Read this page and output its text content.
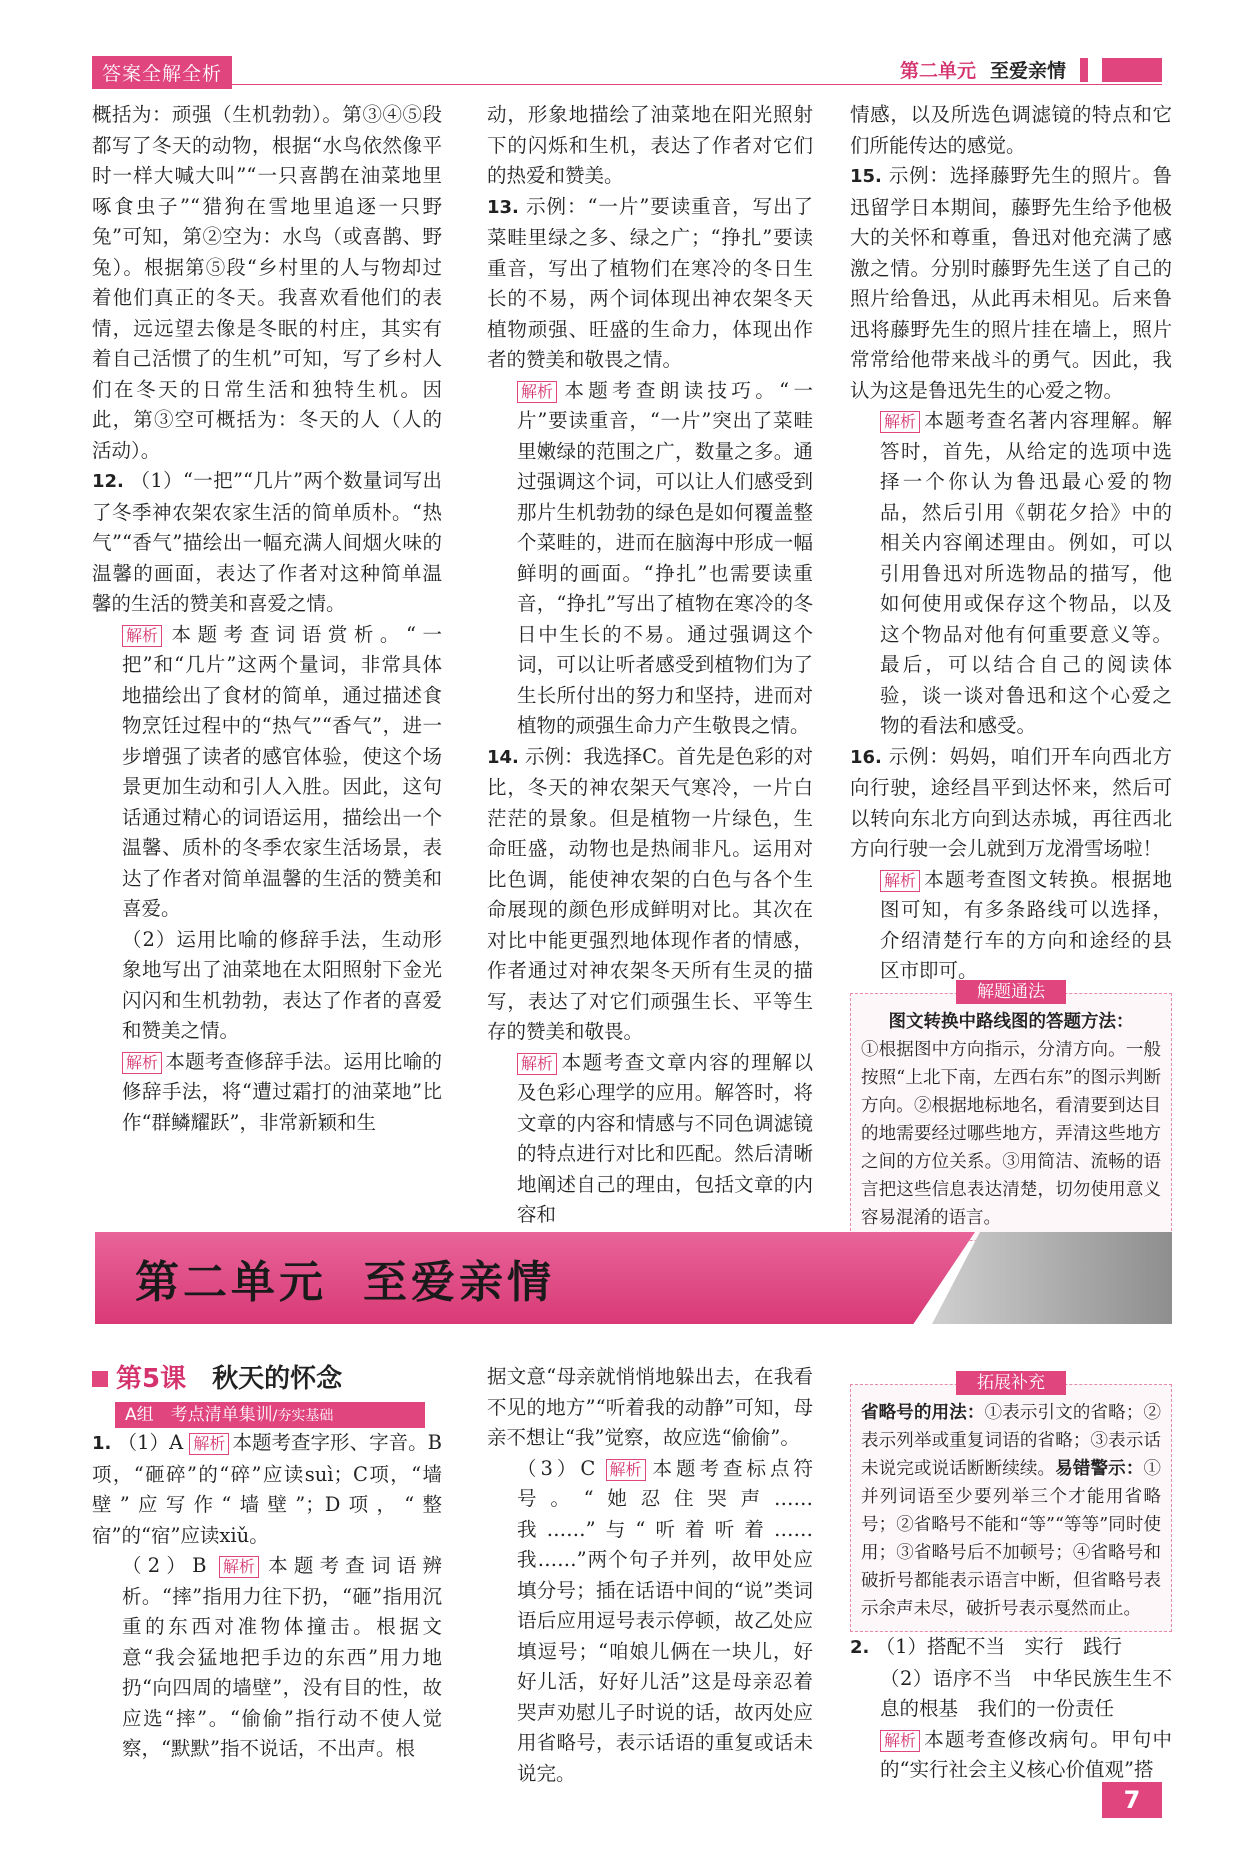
答案全解全析	第二单元 至爱亲情

概括为：顽强（生机勃勃）。第③④⑤段都写了冬天的动物，根据“水鸟依然像平时一样大喊大叫”“一只喜鹊在油菜地里啄食虫子”“猎狗在雪地里追逐一只野兔”可知，第②空为：水鸟（或喜鹊、野兔）。根据第⑤段“乡村里的人与物却过着他们真正的冬天。我喜欢看他们的表情，远远望去像是冬眠的村庄，其实有着自己活惯了的生机”可知，写了乡村人们在冬天的日常生活和独特生机。因此，第③空可概括为：冬天的人（人的活动）。

12. （1）“一把”“几片”两个数量词写出了冬季神农架农家生活的简单质朴。“热气”“香气”描绘出一幅充满人间烟火味的温馨的画面，表达了作者对这种简单温馨的生活的赞美和喜爱之情。

解析 本题考查词语赏析。“一把”和“几片”这两个量词，非常具体地描绘出了食材的简单，通过描述食物烹饪过程中的“热气”“香气”，进一步增强了读者的感官体验，使这个场景更加生动和引人入胜。因此，这句话通过精心的词语运用，描绘出一个温馨、质朴的冬季农家生活场景，表达了作者对简单温馨的生活的赞美和喜爱。

（2）运用比喻的修辞手法，生动形象地写出了油菜地在太阳照射下金光闪闪和生机勃勃，表达了作者的喜爱和赞美之情。

解析 本题考查修辞手法。运用比喻的修辞手法，将“遭过霜打的油菜地”比作“群鳞耀跃”，非常新颖和生

动，形象地描绘了油菜地在阳光照射下的闪烁和生机，表达了作者对它们的热爱和赞美。

13. 示例：“一片”要读重音，写出了菜畦里绿之多、绿之广；“挣扎”要读重音，写出了植物们在寒冷的冬日生长的不易，两个词体现出神农架冬天植物顽强、旺盛的生命力，体现出作者的赞美和敬畏之情。

解析 本题考查朗读技巧。“一片”要读重音，“一片”突出了菜畦里嫩绿的范围之广，数量之多。通过强调这个词，可以让人们感受到那片生机勃勃的绿色是如何覆盖整个菜畦的，进而在脑海中形成一幅鲜明的画面。“挣扎”也需要读重音，“挣扎”写出了植物在寒冷的冬日中生长的不易。通过强调这个词，可以让听者感受到植物们为了生长所付出的努力和坚持，进而对植物的顽强生命力产生敬畏之情。

14. 示例：我选择C。首先是色彩的对比，冬天的神农架天气寒冷，一片白茫茫的景象。但是植物一片绿色，生命旺盛，动物也是热闹非凡。运用对比色调，能使神农架的白色与各个生命展现的颜色形成鲜明对比。其次在对比中能更强烈地体现作者的情感，作者通过对神农架冬天所有生灵的描写，表达了对它们顽强生长、平等生存的赞美和敬畏。

解析 本题考查文章内容的理解以及色彩心理学的应用。解答时，将文章的内容和情感与不同色调滤镜的特点进行对比和匹配。然后清晰地阐述自己的理由，包括文章的内容和

情感，以及所选色调滤镜的特点和它们所能传达的感觉。

15. 示例：选择藤野先生的照片。鲁迅留学日本期间，藤野先生给予他极大的关怀和尊重，鲁迅对他充满了感激之情。分别时藤野先生送了自己的照片给鲁迅，从此再未相见。后来鲁迅将藤野先生的照片挂在墙上，照片常常给他带来战斗的勇气。因此，我认为这是鲁迅先生的心爱之物。

解析 本题考查名著内容理解。解答时，首先，从给定的选项中选择一个你认为鲁迅最心爱的物品，然后引用《朝花夕拾》中的相关内容阐述理由。例如，可以引用鲁迅对所选物品的描写，他如何使用或保存这个物品，以及这个物品对他有何重要意义等。最后，可以结合自己的阅读体验，谈一谈对鲁迅和这个心爱之物的看法和感受。

16. 示例：妈妈，咱们开车向西北方向行驶，途经昌平到达怀来，然后可以转向东北方向到达赤城，再往西北方向行驶一会儿就到万龙滑雪场啦！

解析 本题考查图文转换。根据地图可知，有多条路线可以选择，介绍清楚行车的方向和途经的县区市即可。

解题通法
图文转换中路线图的答题方法：
①根据图中方向指示，分清方向。一般按照“上北下南，左西右东”的图示判断方向。②根据地标地名，看清要到达目的地需要经过哪些地方，弄清这些地方之间的方位关系。③用简洁、流畅的语言把这些信息表达清楚，切勿使用意义容易混淆的语言。
第二单元 至爱亲情
第5课 秋天的怀念
A组　考点清单集训/夯实基础
1. （1）A 解析 本题考查字形、字音。B项，“砸碎”的“碎”应读suì；C项，“墙壁”应写作“墙壁”；D项，“整宿”的“宿”应读xiǔ。

（2）B 解析 本题考查词语辨析。“摔”指用力往下扔，“砸”指用沉重的东西对准物体撞击。根据文意“我会猛地把手边的东西”用力地扔“向四周的墙壁”，没有目的性，故应选“摔”。“偷偷”指行动不使人觉察，“默默”指不说话，不出声。根

据文意“母亲就悄悄地躲出去，在我看不见的地方”“听着我的动静”可知，母亲不想让“我”觉察，故应选“偷偷”。

（3）C 解析 本题考查标点符号。“她忍住哭声……我……”与“听着听着……我……”两个句子并列，故甲处应填分号；插在话语中间的“说”类词语后应用逗号表示停顿，故乙处应填逗号；“咱娘儿俩在一块儿，好好儿活，好好儿活”这是母亲忍着哭声劝慰儿子时说的话，故丙处应用省略号，表示话语的重复或话未说完。

拓展补充
省略号的用法：①表示引文的省略；②表示列举或重复词语的省略；③表示话未说完或说话断断续续。易错警示：①并列词语至少要列举三个才能用省略号；②省略号不能和“等”“等等”同时使用；③省略号后不加顿号；④省略号和破折号都能表示语言中断，但省略号表示余声未尽，破折号表示戛然而止。
2. （1）搭配不当　实行　践行

（2）语序不当　中华民族生生不息的根基　我们的一份责任

解析 本题考查修改病句。甲句中的“实行社会主义核心价值观”搭

7
